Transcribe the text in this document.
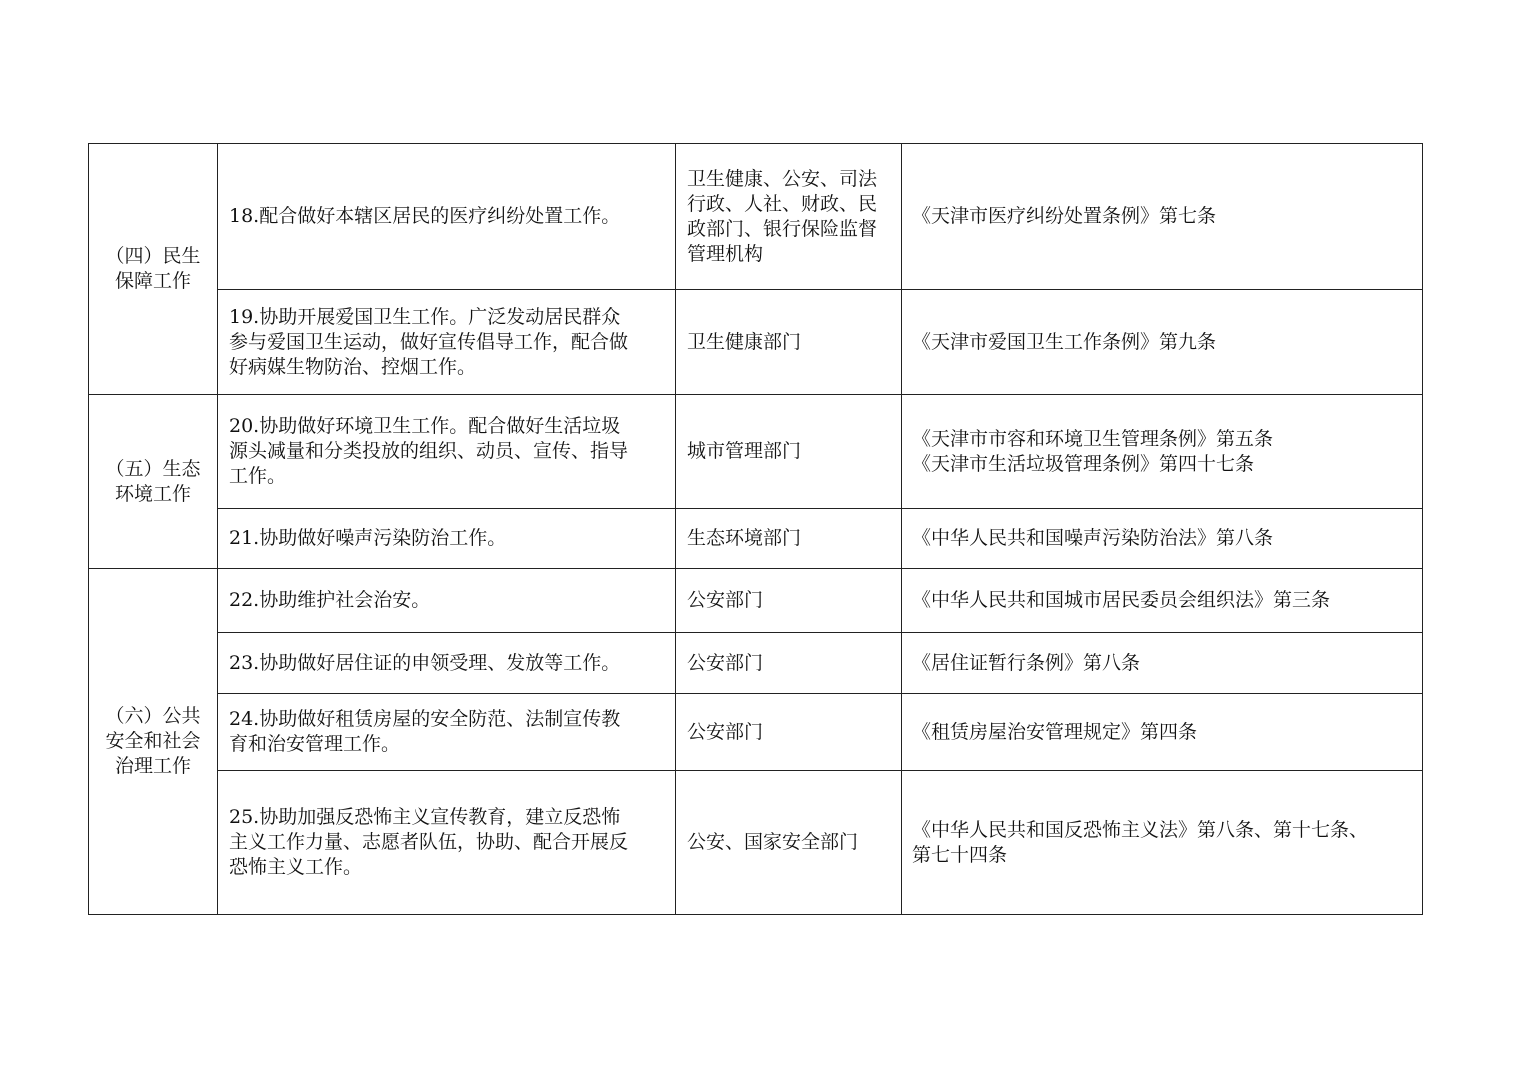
（四）民生
保障工作	18.配合做好本辖区居民的医疗纠纷处置工作。	卫生健康、公安、司法
行政、人社、财政、民
政部门、银行保险监督
管理机构	《天津市医疗纠纷处置条例》第七条

	19.协助开展爱国卫生工作。广泛发动居民群众
参与爱国卫生运动，做好宣传倡导工作，配合做
好病媒生物防治、控烟工作。	卫生健康部门	《天津市爱国卫生工作条例》第九条

（五）生态
环境工作	20.协助做好环境卫生工作。配合做好生活垃圾
源头减量和分类投放的组织、动员、宣传、指导
工作。	城市管理部门	《天津市市容和环境卫生管理条例》第五条
《天津市生活垃圾管理条例》第四十七条

	21.协助做好噪声污染防治工作。	生态环境部门	《中华人民共和国噪声污染防治法》第八条

（六）公共
安全和社会
治理工作	22.协助维护社会治安。	公安部门	《中华人民共和国城市居民委员会组织法》第三条

	23.协助做好居住证的申领受理、发放等工作。	公安部门	《居住证暂行条例》第八条

	24.协助做好租赁房屋的安全防范、法制宣传教
育和治安管理工作。	公安部门	《租赁房屋治安管理规定》第四条

	25.协助加强反恐怖主义宣传教育，建立反恐怖
主义工作力量、志愿者队伍，协助、配合开展反
恐怖主义工作。	公安、国家安全部门	《中华人民共和国反恐怖主义法》第八条、第十七条、
第七十四条
